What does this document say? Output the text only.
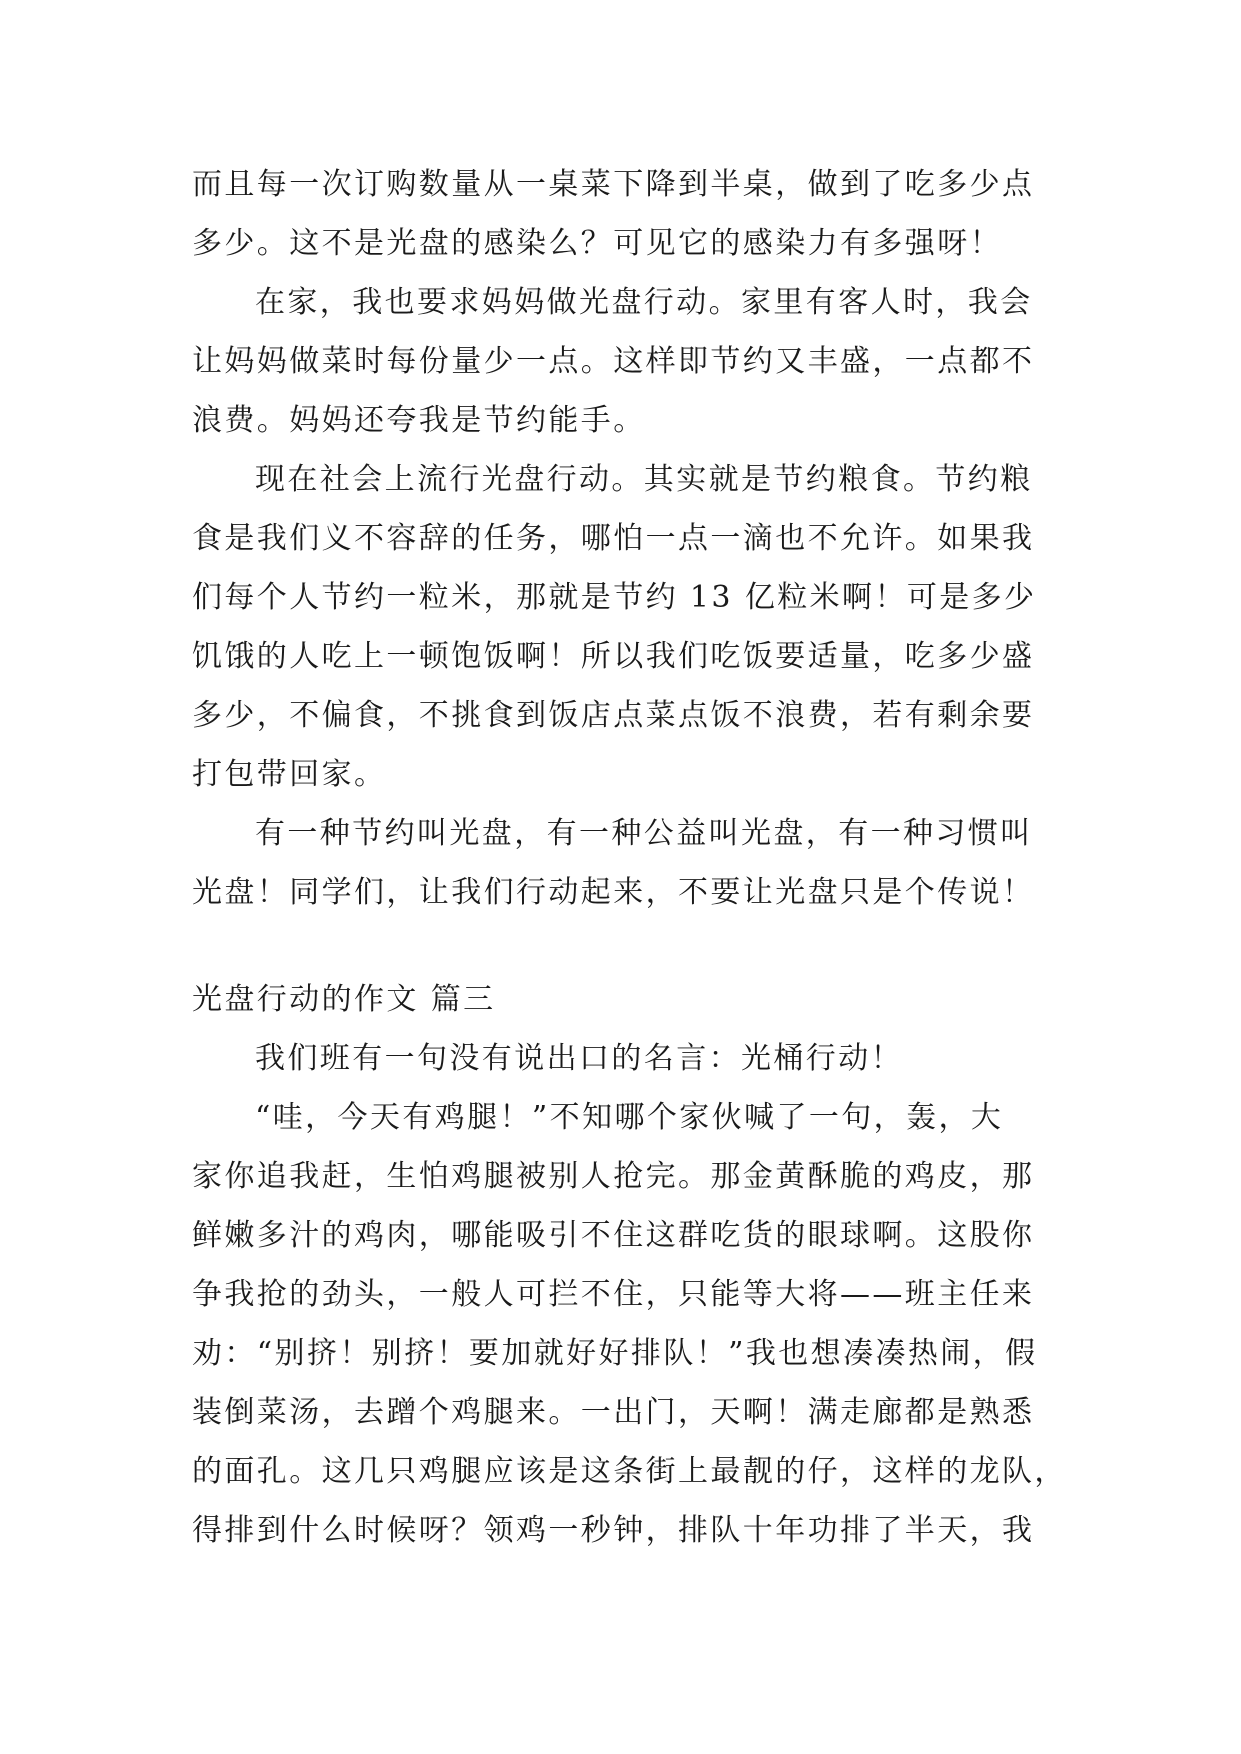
而且每一次订购数量从一桌菜下降到半桌，做到了吃多少点
多少。这不是光盘的感染么？可见它的感染力有多强呀！
在家，我也要求妈妈做光盘行动。家里有客人时，我会
让妈妈做菜时每份量少一点。这样即节约又丰盛，一点都不
浪费。妈妈还夸我是节约能手。
现在社会上流行光盘行动。其实就是节约粮食。节约粮
食是我们义不容辞的任务，哪怕一点一滴也不允许。如果我
们每个人节约一粒米，那就是节约 13 亿粒米啊！可是多少
饥饿的人吃上一顿饱饭啊！所以我们吃饭要适量，吃多少盛
多少，不偏食，不挑食到饭店点菜点饭不浪费，若有剩余要
打包带回家。
有一种节约叫光盘，有一种公益叫光盘，有一种习惯叫
光盘！同学们，让我们行动起来，不要让光盘只是个传说！
光盘行动的作文 篇三
我们班有一句没有说出口的名言：光桶行动！
“哇，今天有鸡腿！”不知哪个家伙喊了一句，轰，大
家你追我赶，生怕鸡腿被别人抢完。那金黄酥脆的鸡皮，那
鲜嫩多汁的鸡肉，哪能吸引不住这群吃货的眼球啊。这股你
争我抢的劲头，一般人可拦不住，只能等大将——班主任来
劝：“别挤！别挤！要加就好好排队！”我也想凑凑热闹，假
装倒菜汤，去蹭个鸡腿来。一出门，天啊！满走廊都是熟悉
的面孔。这几只鸡腿应该是这条街上最靓的仔，这样的龙队，
得排到什么时候呀？领鸡一秒钟，排队十年功排了半天，我
